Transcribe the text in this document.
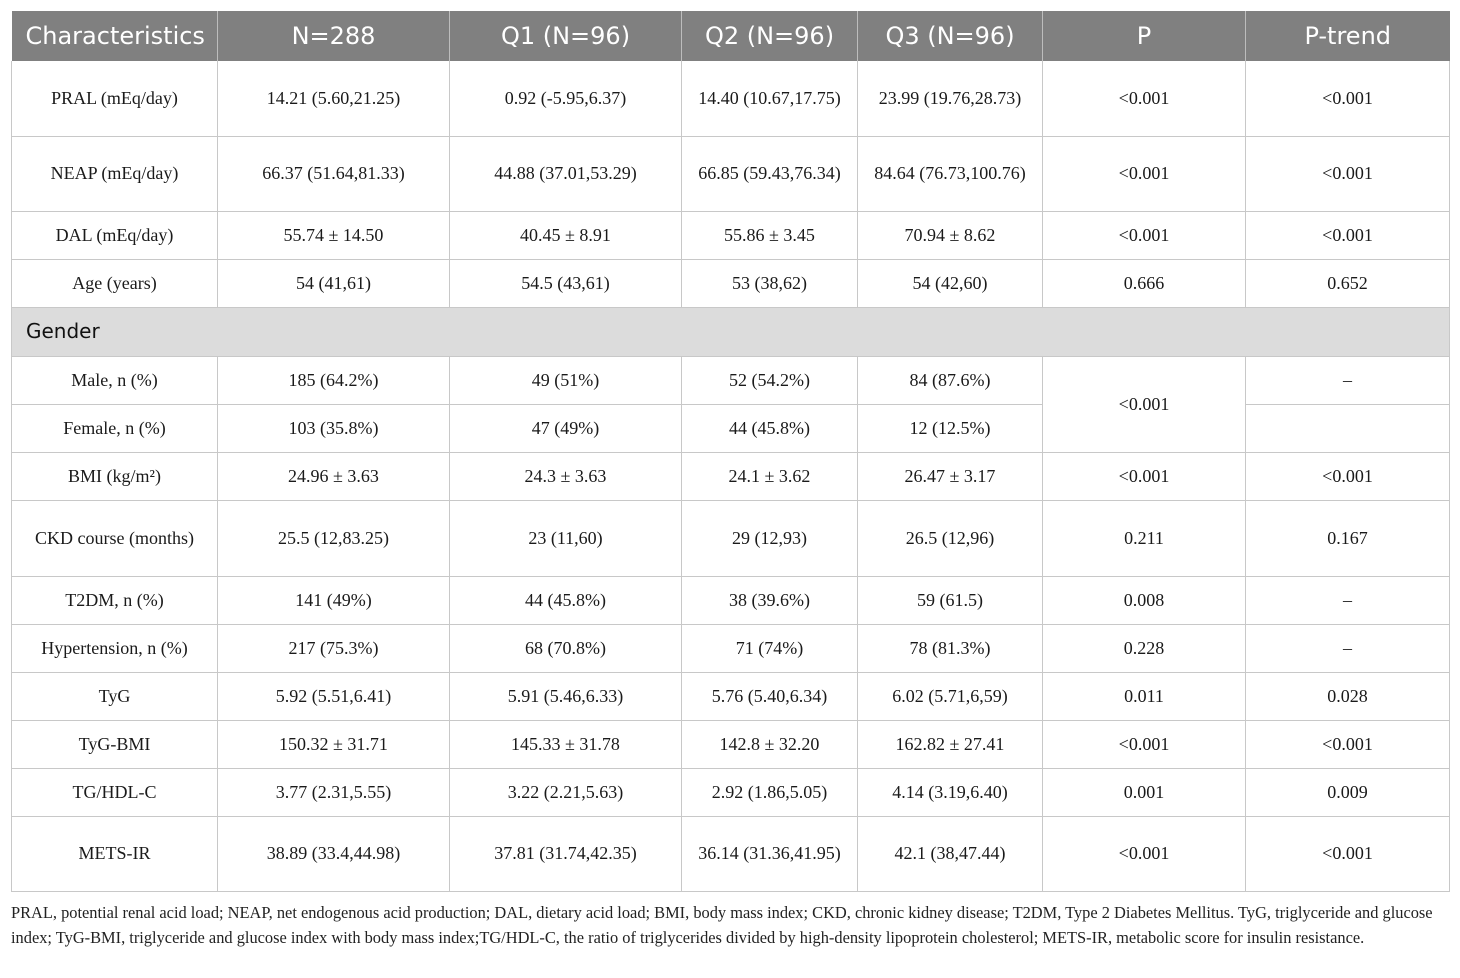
Characteristics	N=288	Q1 (N=96)	Q2 (N=96)	Q3 (N=96)	P	P-trend
PRAL (mEq/day)	14.21 (5.60,21.25)	0.92 (-5.95,6.37)	14.40 (10.67,17.75)	23.99 (19.76,28.73)	<0.001	<0.001
NEAP (mEq/day)	66.37 (51.64,81.33)	44.88 (37.01,53.29)	66.85 (59.43,76.34)	84.64 (76.73,100.76)	<0.001	<0.001
DAL (mEq/day)	55.74 ± 14.50	40.45 ± 8.91	55.86 ± 3.45	70.94 ± 8.62	<0.001	<0.001
Age (years)	54 (41,61)	54.5 (43,61)	53 (38,62)	54 (42,60)	0.666	0.652
Gender						
Male, n (%)	185 (64.2%)	49 (51%)	52 (54.2%)	84 (87.6%)	<0.001	–
Female, n (%)	103 (35.8%)	47 (49%)	44 (45.8%)	12 (12.5%)		
BMI (kg/m²)	24.96 ± 3.63	24.3 ± 3.63	24.1 ± 3.62	26.47 ± 3.17	<0.001	<0.001
CKD course (months)	25.5 (12,83.25)	23 (11,60)	29 (12,93)	26.5 (12,96)	0.211	0.167
T2DM, n (%)	141 (49%)	44 (45.8%)	38 (39.6%)	59 (61.5)	0.008	–
Hypertension, n (%)	217 (75.3%)	68 (70.8%)	71 (74%)	78 (81.3%)	0.228	–
TyG	5.92 (5.51,6.41)	5.91 (5.46,6.33)	5.76 (5.40,6.34)	6.02 (5.71,6,59)	0.011	0.028
TyG-BMI	150.32 ± 31.71	145.33 ± 31.78	142.8 ± 32.20	162.82 ± 27.41	<0.001	<0.001
TG/HDL-C	3.77 (2.31,5.55)	3.22 (2.21,5.63)	2.92 (1.86,5.05)	4.14 (3.19,6.40)	0.001	0.009
METS-IR	38.89 (33.4,44.98)	37.81 (31.74,42.35)	36.14 (31.36,41.95)	42.1 (38,47.44)	<0.001	<0.001
PRAL, potential renal acid load; NEAP, net endogenous acid production; DAL, dietary acid load; BMI, body mass index; CKD, chronic kidney disease; T2DM, Type 2 Diabetes Mellitus. TyG, triglyceride and glucose index; TyG-BMI, triglyceride and glucose index with body mass index;TG/HDL-C, the ratio of triglycerides divided by high-density lipoprotein cholesterol; METS-IR, metabolic score for insulin resistance.
